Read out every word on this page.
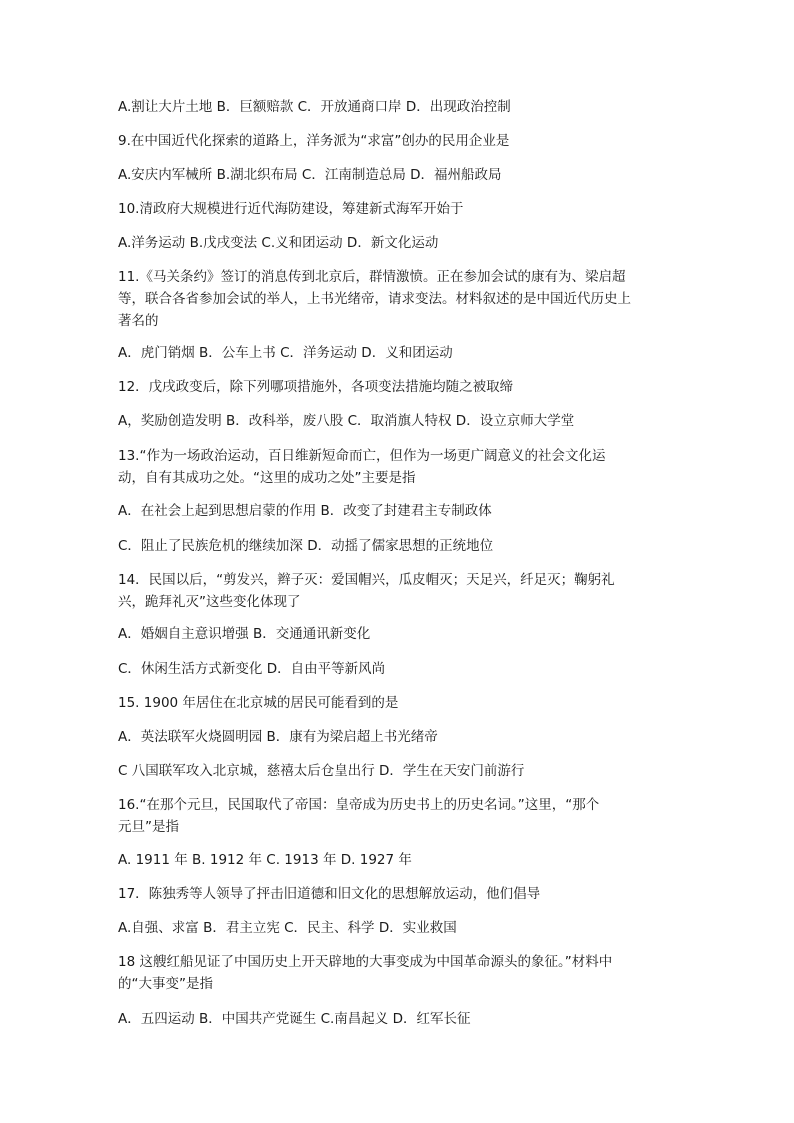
A.割让大片土地 B．巨额赔款 C．开放通商口岸 D．出现政治控制
9.在中国近代化探索的道路上，洋务派为“求富”创办的民用企业是
A.安庆内军械所 B.湖北织布局 C．江南制造总局 D．福州船政局
10.清政府大规模进行近代海防建设，筹建新式海军开始于
A.洋务运动 B.戊戌变法 C.义和团运动 D．新文化运动
11.《马关条约》签订的消息传到北京后，群情激愤。正在参加会试的康有为、梁启超
等，联合各省参加会试的举人，上书光绪帝，请求变法。材料叙述的是中国近代历史上
著名的
A．虎门销烟 B．公车上书 C．洋务运动 D．义和团运动
12．戊戌政变后，除下列哪项措施外，各项变法措施均随之被取缔
A，奖励创造发明 B．改科举，废八股 C．取消旗人特权 D．设立京师大学堂
13.“作为一场政治运动，百日维新短命而亡，但作为一场更广阔意义的社会文化运
动，自有其成功之处。“这里的成功之处”主要是指
A．在社会上起到思想启蒙的作用 B．改变了封建君主专制政体
C．阻止了民族危机的继续加深 D．动摇了儒家思想的正统地位
14．民国以后，“剪发兴，辫子灭：爱国帽兴，瓜皮帽灭；天足兴，纤足灭；鞠躬礼
兴，跪拜礼灭”这些变化体现了
A．婚姻自主意识增强 B．交通通讯新变化
C．休闲生活方式新变化 D．自由平等新风尚
15. 1900 年居住在北京城的居民可能看到的是
A．英法联军火烧圆明园 B．康有为梁启超上书光绪帝
C 八国联军攻入北京城，慈禧太后仓皇出行 D．学生在天安门前游行
16.“在那个元旦，民国取代了帝国：皇帝成为历史书上的历史名词。”这里，“那个
元旦”是指
A. 1911 年 B. 1912 年 C. 1913 年 D. 1927 年
17．陈独秀等人领导了抨击旧道德和旧文化的思想解放运动，他们倡导
A.自强、求富 B．君主立宪 C．民主、科学 D．实业救国
18 这艘红船见证了中国历史上开天辟地的大事变成为中国革命源头的象征。”材料中
的“大事变”是指
A．五四运动 B．中国共产党诞生 C.南昌起义 D．红军长征
